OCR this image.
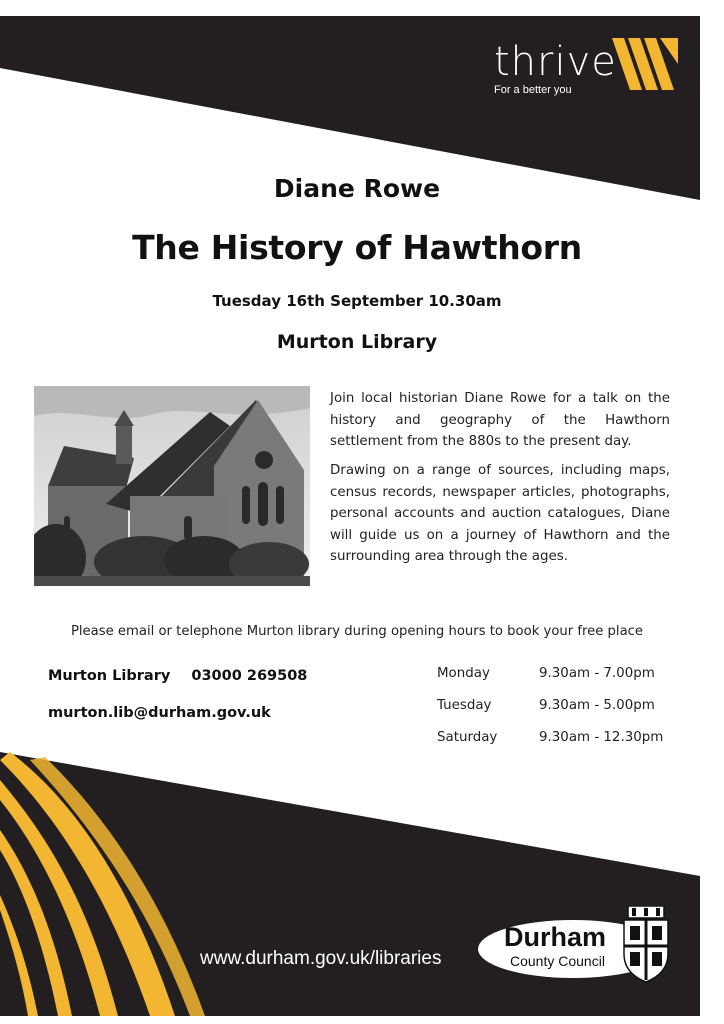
thrive
For a better you
Diane Rowe
The History of Hawthorn
Tuesday 16th September 10.30am
Murton Library
Join local historian Diane Rowe for a talk on the history and geography of the Hawthorn settlement from the 880s to the present day.
Drawing on a range of sources, including maps, census records, newspaper articles, photographs, personal accounts and auction catalogues, Diane will guide us on a journey of Hawthorn and the surrounding area through the ages.
Please email or telephone Murton library during opening hours to book your free place
Murton Library 03000 269508
murton.lib@durham.gov.uk
Monday	9.30am - 7.00pm
Tuesday	9.30am - 5.00pm
Saturday	9.30am - 12.30pm
www.durham.gov.uk/libraries
Durham
County Council
